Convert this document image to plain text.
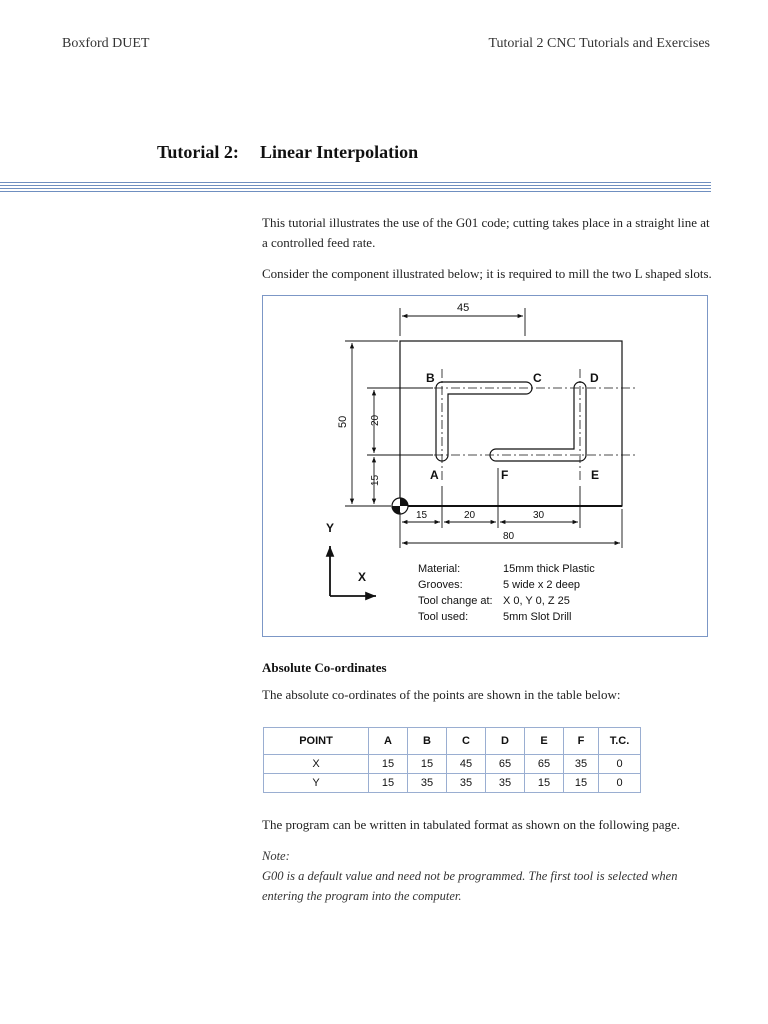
Boxford DUET	Tutorial 2 CNC Tutorials and Exercises
Tutorial 2: Linear Interpolation
This tutorial illustrates the use of the G01 code; cutting takes place in a straight line at a controlled feed rate.
Consider the component illustrated below; it is required to mill the two L shaped slots.
B	C	D
A	F	E
45
50 20
15
15	20	30
80
Y
X
Material:	15mm thick Plastic
Grooves:	5 wide x 2 deep
Tool change at: X 0, Y 0, Z 25
Tool used:	5mm Slot Drill
Absolute Co-ordinates
The absolute co-ordinates of the points are shown in the table below:
POINT	A	B	C	D	E	F	T.C.
X	15	15	45	65	65	35	0
Y	15	35	35	35	15	15	0
The program can be written in tabulated format as shown on the following page.
Note:
G00 is a default value and need not be programmed. The first tool is selected when entering the program into the computer.
